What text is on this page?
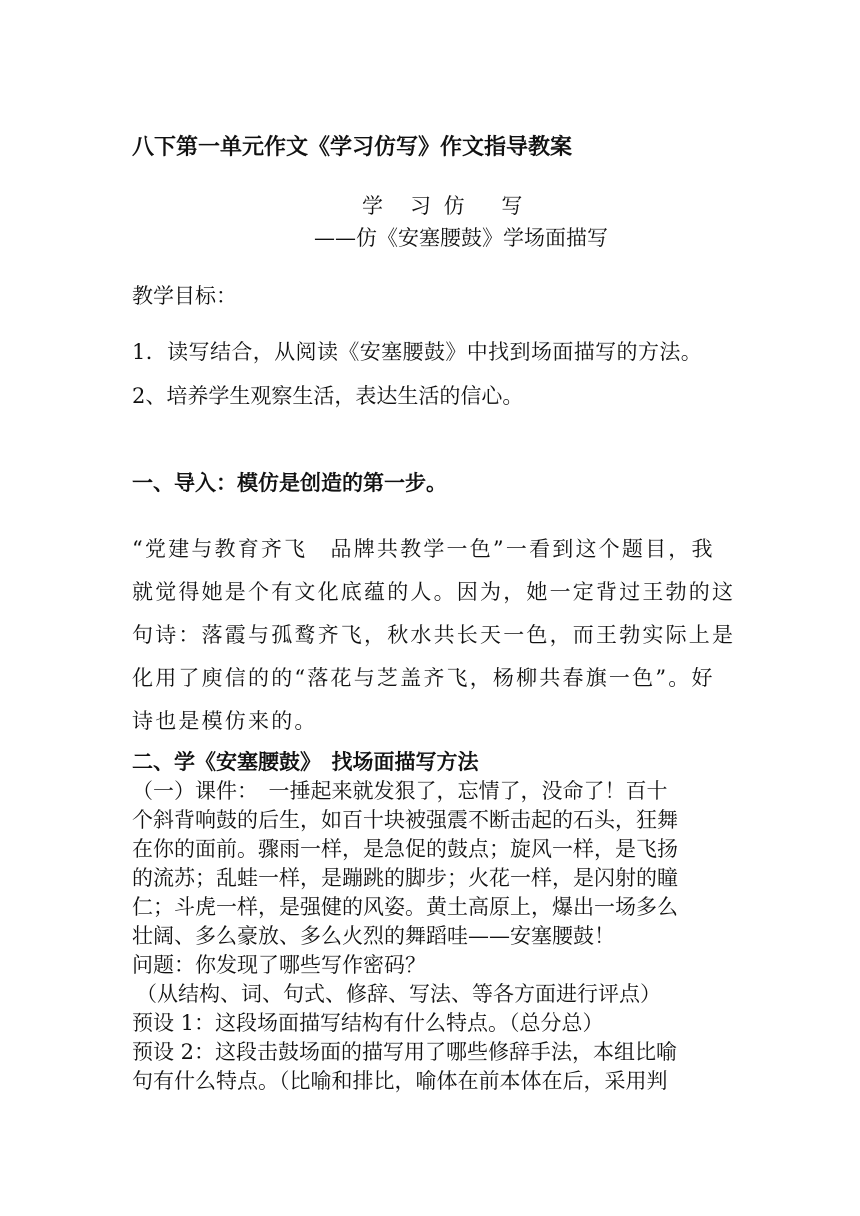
八下第一单元作文《学习仿写》作文指导教案
学　习 仿　 写
——仿《安塞腰鼓》学场面描写
教学目标：
1．读写结合，从阅读《安塞腰鼓》中找到场面描写的方法。
2、培养学生观察生活，表达生活的信心。
一、导入：模仿是创造的第一步。
“党建与教育齐飞　品牌共教学一色”一看到这个题目，我
就觉得她是个有文化底蕴的人。因为，她一定背过王勃的这
句诗：落霞与孤鹜齐飞，秋水共长天一色，而王勃实际上是
化用了庾信的的“落花与芝盖齐飞，杨柳共春旗一色”。好
诗也是模仿来的。
二、学《安塞腰鼓》　找场面描写方法
（一）课件：　一捶起来就发狠了，忘情了，没命了！百十
个斜背响鼓的后生，如百十块被强震不断击起的石头，狂舞
在你的面前。骤雨一样，是急促的鼓点；旋风一样，是飞扬
的流苏；乱蛙一样，是蹦跳的脚步；火花一样，是闪射的瞳
仁；斗虎一样，是强健的风姿。黄土高原上，爆出一场多么
壮阔、多么豪放、多么火烈的舞蹈哇——安塞腰鼓！
问题：你发现了哪些写作密码？
（从结构、词、句式、修辞、写法、等各方面进行评点）
预设 1：这段场面描写结构有什么特点。（总分总）
预设 2：这段击鼓场面的描写用了哪些修辞手法，本组比喻
句有什么特点。（比喻和排比，喻体在前本体在后，采用判
